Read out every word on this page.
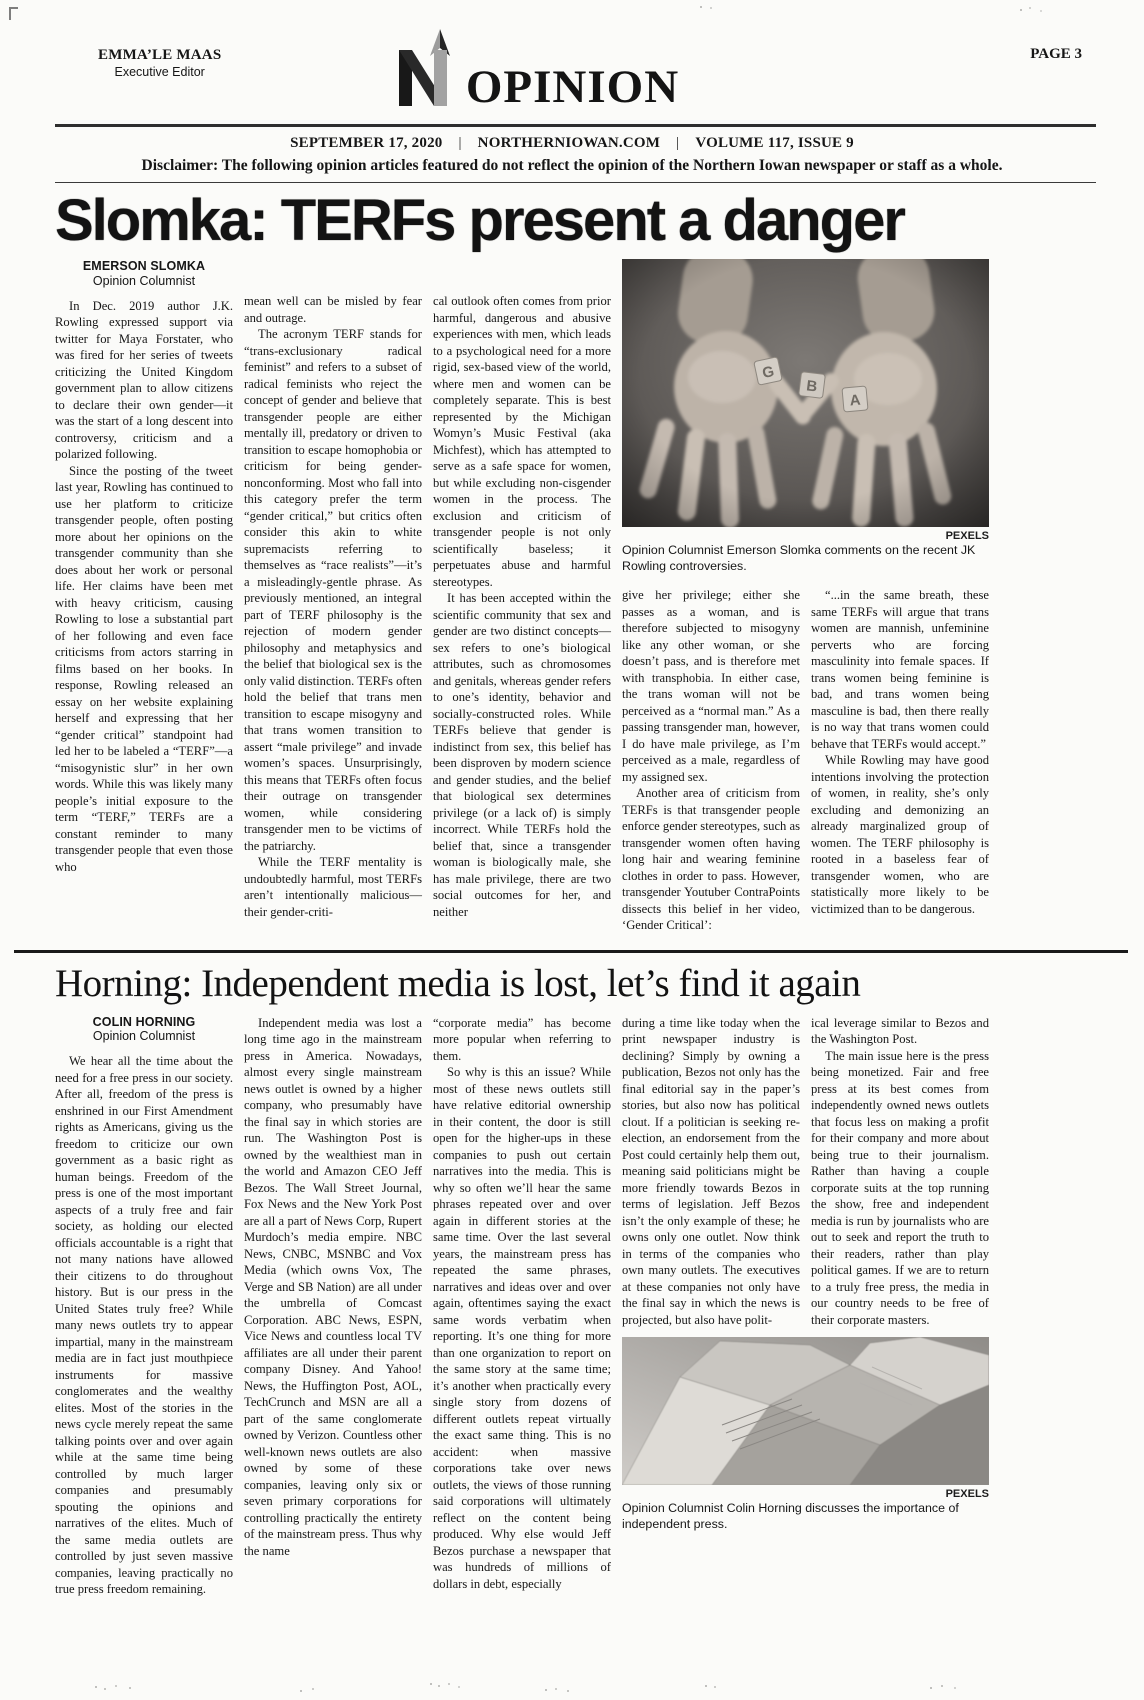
EMMA’LE MAAS
Executive Editor	OPINION
PAGE 3
SEPTEMBER 17, 2020 | NORTHERNIOWAN.COM | VOLUME 117, ISSUE 9
Disclaimer: The following opinion articles featured do not reflect the opinion of the Northern Iowan newspaper or staff as a whole.
Slomka: TERFs present a danger
EMERSON SLOMKA
Opinion Columnist

In Dec. 2019 author J.K. Rowling expressed support via twitter for Maya Forstater, who was fired for her series of tweets criticizing the United Kingdom government plan to allow citizens to declare their own gender—it was the start of a long descent into controversy, criticism and a polarized following.

Since the posting of the tweet last year, Rowling has continued to use her platform to criticize transgender people, often posting more about her opinions on the transgender community than she does about her work or personal life. Her claims have been met with heavy criticism, causing Rowling to lose a substantial part of her following and even face criticisms from actors starring in films based on her books. In response, Rowling released an essay on her website explaining herself and expressing that her “gender critical” standpoint had led her to be labeled a “TERF”—a “misogynistic slur” in her own words. While this was likely many people’s initial exposure to the term “TERF,” TERFs are a constant reminder to many transgender people that even those who

mean well can be misled by fear and outrage.

The acronym TERF stands for “trans-exclusionary radical feminist” and refers to a subset of radical feminists who reject the concept of gender and believe that transgender people are either mentally ill, predatory or driven to transition to escape homophobia or criticism for being gender-nonconforming. Most who fall into this category prefer the term “gender critical,” but critics often consider this akin to white supremacists referring to themselves as “race realists”—it’s a misleadingly-gentle phrase. As previously mentioned, an integral part of TERF philosophy is the rejection of modern gender philosophy and metaphysics and the belief that biological sex is the only valid distinction. TERFs often hold the belief that trans men transition to escape misogyny and that trans women transition to assert “male privilege” and invade women’s spaces. Unsurprisingly, this means that TERFs often focus their outrage on transgender women, while considering transgender men to be victims of the patriarchy.

While the TERF mentality is undoubtedly harmful, most TERFs aren’t intentionally malicious—their gender-criti-

cal outlook often comes from prior harmful, dangerous and abusive experiences with men, which leads to a psychological need for a more rigid, sex-based view of the world, where men and women can be completely separate. This is best represented by the Michigan Womyn’s Music Festival (aka Michfest), which has attempted to serve as a safe space for women, but while excluding non-cisgender women in the process. The exclusion and criticism of transgender people is not only scientifically baseless; it perpetuates abuse and harmful stereotypes.

It has been accepted within the scientific community that sex and gender are two distinct concepts—sex refers to one’s biological attributes, such as chromosomes and genitals, whereas gender refers to one’s identity, behavior and socially-constructed roles. While TERFs believe that gender is indistinct from sex, this belief has been disproven by modern science and gender studies, and the belief that biological sex determines privilege (or a lack of) is simply incorrect. While TERFs hold the belief that, since a transgender woman is biologically male, she has male privilege, there are two social outcomes for her, and neither

PEXELS
Opinion Columnist Emerson Slomka comments on the recent JK Rowling controversies.

give her privilege; either she passes as a woman, and is therefore subjected to misogyny like any other woman, or she doesn’t pass, and is therefore met with transphobia. In either case, the trans woman will not be perceived as a “normal man.” As a passing transgender man, however, I do have male privilege, as I’m perceived as a male, regardless of my assigned sex.

Another area of criticism from TERFs is that transgender people enforce gender stereotypes, such as transgender women often having long hair and wearing feminine clothes in order to pass. However, transgender Youtuber ContraPoints dissects this belief in her video, ‘Gender Critical’:

“...in the same breath, these same TERFs will argue that trans women are mannish, unfeminine perverts who are forcing masculinity into female spaces. If trans women being feminine is bad, and trans women being masculine is bad, then there really is no way that trans women could behave that TERFs would accept.”

While Rowling may have good intentions involving the protection of women, in reality, she’s only excluding and demonizing an already marginalized group of women. The TERF philosophy is rooted in a baseless fear of transgender women, who are statistically more likely to be victimized than to be dangerous.

Horning: Independent media is lost, let’s find it again
COLIN HORNING
Opinion Columnist

We hear all the time about the need for a free press in our society. After all, freedom of the press is enshrined in our First Amendment rights as Americans, giving us the freedom to criticize our own government as a basic right as human beings. Freedom of the press is one of the most important aspects of a truly free and fair society, as holding our elected officials accountable is a right that not many nations have allowed their citizens to do throughout history. But is our press in the United States truly free? While many news outlets try to appear impartial, many in the mainstream media are in fact just mouthpiece instruments for massive conglomerates and the wealthy elites. Most of the stories in the news cycle merely repeat the same talking points over and over again while at the same time being controlled by much larger companies and presumably spouting the opinions and narratives of the elites. Much of the same media outlets are controlled by just seven massive companies, leaving practically no true press freedom remaining.

Independent media was lost a long time ago in the mainstream press in America. Nowadays, almost every single mainstream news outlet is owned by a higher company, who presumably have the final say in which stories are run. The Washington Post is owned by the wealthiest man in the world and Amazon CEO Jeff Bezos. The Wall Street Journal, Fox News and the New York Post are all a part of News Corp, Rupert Murdoch’s media empire. NBC News, CNBC, MSNBC and Vox Media (which owns Vox, The Verge and SB Nation) are all under the umbrella of Comcast Corporation. ABC News, ESPN, Vice News and countless local TV affiliates are all under their parent company Disney. And Yahoo! News, the Huffington Post, AOL, TechCrunch and MSN are all a part of the same conglomerate owned by Verizon. Countless other well-known news outlets are also owned by some of these companies, leaving only six or seven primary corporations for controlling practically the entirety of the mainstream press. Thus why the name

“corporate media” has become more popular when referring to them.

So why is this an issue? While most of these news outlets still have relative editorial ownership in their content, the door is still open for the higher-ups in these companies to push out certain narratives into the media. This is why so often we’ll hear the same phrases repeated over and over again in different stories at the same time. Over the last several years, the mainstream press has repeated the same phrases, narratives and ideas over and over again, oftentimes saying the exact same words verbatim when reporting. It’s one thing for more than one organization to report on the same story at the same time; it’s another when practically every single story from dozens of different outlets repeat virtually the exact same thing. This is no accident: when massive corporations take over news outlets, the views of those running said corporations will ultimately reflect on the content being produced. Why else would Jeff Bezos purchase a newspaper that was hundreds of millions of dollars in debt, especially

during a time like today when the print newspaper industry is declining? Simply by owning a publication, Bezos not only has the final editorial say in the paper’s stories, but also now has political clout. If a politician is seeking re-election, an endorsement from the Post could certainly help them out, meaning said politicians might be more friendly towards Bezos in terms of legislation. Jeff Bezos isn’t the only example of these; he owns only one outlet. Now think in terms of the companies who own many outlets. The executives at these companies not only have the final say in which the news is projected, but also have polit-

ical leverage similar to Bezos and the Washington Post.

The main issue here is the press being monetized. Fair and free press at its best comes from independently owned news outlets that focus less on making a profit for their company and more about being true to their journalism. Rather than having a couple corporate suits at the top running the show, free and independent media is run by journalists who are out to seek and report the truth to their readers, rather than play political games. If we are to return to a truly free press, the media in our country needs to be free of their corporate masters.

PEXELS
Opinion Columnist Colin Horning discusses the importance of independent press.
